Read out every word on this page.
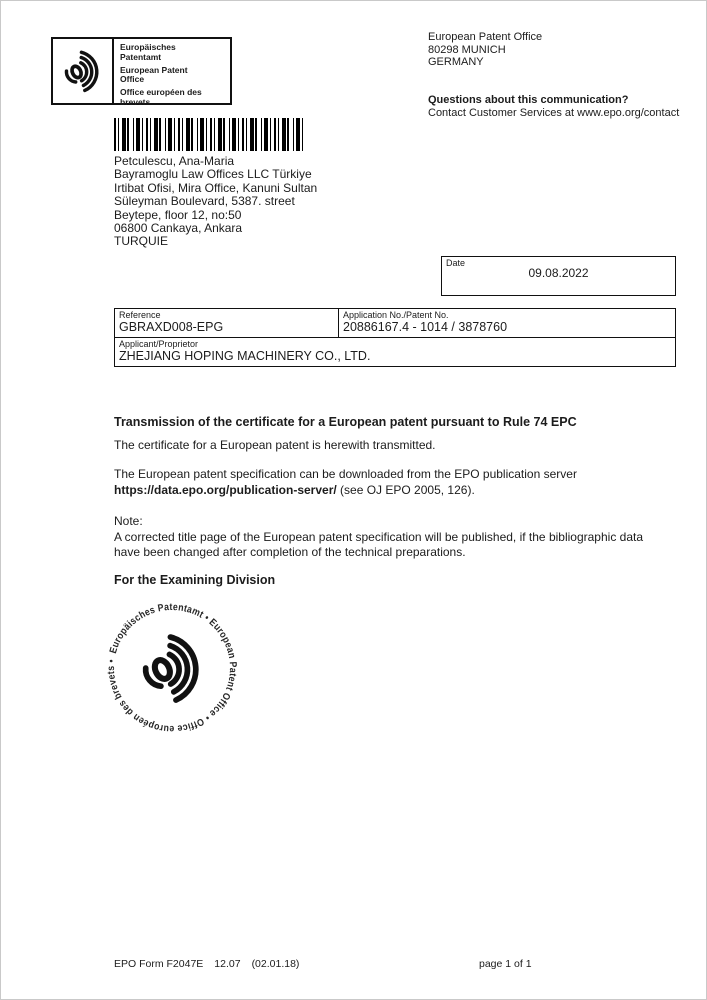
Europäisches Patentamt
European Patent Office
Office européen des brevets
European Patent Office
80298 MUNICH
GERMANY
Questions about this communication?
Contact Customer Services at www.epo.org/contact
Petculescu, Ana-Maria
Bayramoglu Law Offices LLC Türkiye
Irtibat Ofisi, Mira Office, Kanuni Sultan
Süleyman Boulevard, 5387. street
Beytepe, floor 12, no:50
06800 Cankaya, Ankara
TURQUIE
Date
09.08.2022
Reference
GBRAXD008-EPG
Application No./Patent No.
20886167.4 - 1014 / 3878760
Applicant/Proprietor
ZHEJIANG HOPING MACHINERY CO., LTD.
Transmission of the certificate for a European patent pursuant to Rule 74 EPC
The certificate for a European patent is herewith transmitted.
The European patent specification can be downloaded from the EPO publication server
https://data.epo.org/publication-server/ (see OJ EPO 2005, 126).
Note:
A corrected title page of the European patent specification will be published, if the bibliographic data
have been changed after completion of the technical preparations.
For the Examining Division
Europäisches Patentamt • European Patent Office • Office européen des brevets •
EPO Form F2047E 12.07 (02.01.18)	page 1 of 1
